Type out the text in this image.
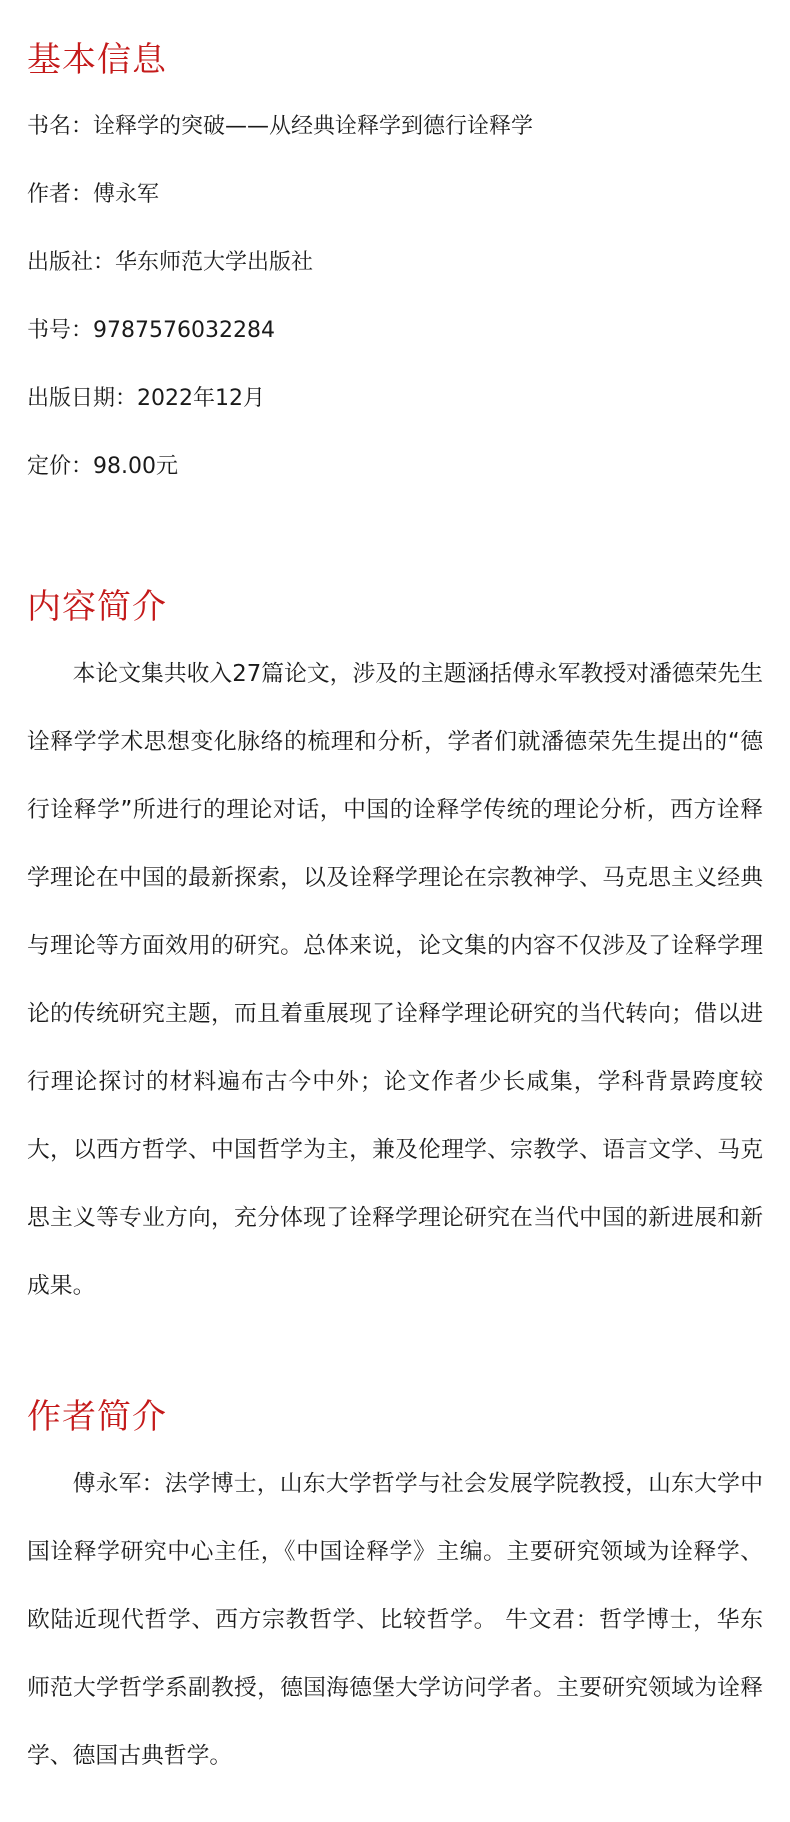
基本信息

书名：诠释学的突破——从经典诠释学到德行诠释学

作者：傅永军

出版社：华东师范大学出版社

书号：9787576032284

出版日期：2022年12月

定价：98.00元

内容简介

本论文集共收入27篇论文，涉及的主题涵括傅永军教授对潘德荣先生诠释学学术思想变化脉络的梳理和分析，学者们就潘德荣先生提出的“德行诠释学”所进行的理论对话，中国的诠释学传统的理论分析，西方诠释学理论在中国的最新探索，以及诠释学理论在宗教神学、马克思主义经典与理论等方面效用的研究。总体来说，论文集的内容不仅涉及了诠释学理论的传统研究主题，而且着重展现了诠释学理论研究的当代转向；借以进行理论探讨的材料遍布古今中外；论文作者少长咸集，学科背景跨度较大，以西方哲学、中国哲学为主，兼及伦理学、宗教学、语言文学、马克思主义等专业方向，充分体现了诠释学理论研究在当代中国的新进展和新成果。

作者简介

傅永军：法学博士，山东大学哲学与社会发展学院教授，山东大学中国诠释学研究中心主任，《中国诠释学》主编。主要研究领域为诠释学、欧陆近现代哲学、西方宗教哲学、比较哲学。 牛文君：哲学博士，华东师范大学哲学系副教授，德国海德堡大学访问学者。主要研究领域为诠释学、德国古典哲学。
